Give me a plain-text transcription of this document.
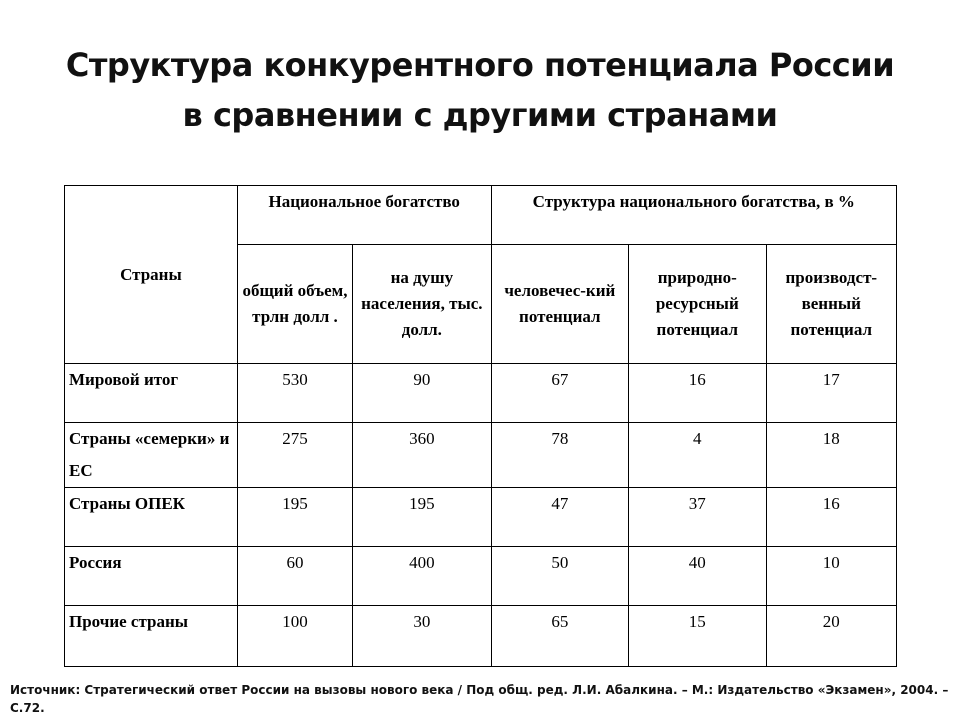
Структура конкурентного потенциала России
в сравнении с другими странами
Страны	Национальное богатство		Структура национального богатства, в %		
	общий объем, трлн долл .	на душу населения, тыс. долл.	человечес-кий потенциал	природно-ресурсный потенциал	производст-венный потенциал
Мировой итог	530	90	67	16	17
Страны «семерки» и ЕС	275	360	78	4	18
Страны ОПЕК	195	195	47	37	16
Россия	60	400	50	40	10
Прочие страны	100	30	65	15	20
Источник: Стратегический ответ России на вызовы нового века / Под общ. ред. Л.И. Абалкина. – М.: Издательство «Экзамен», 2004. – С.72.
